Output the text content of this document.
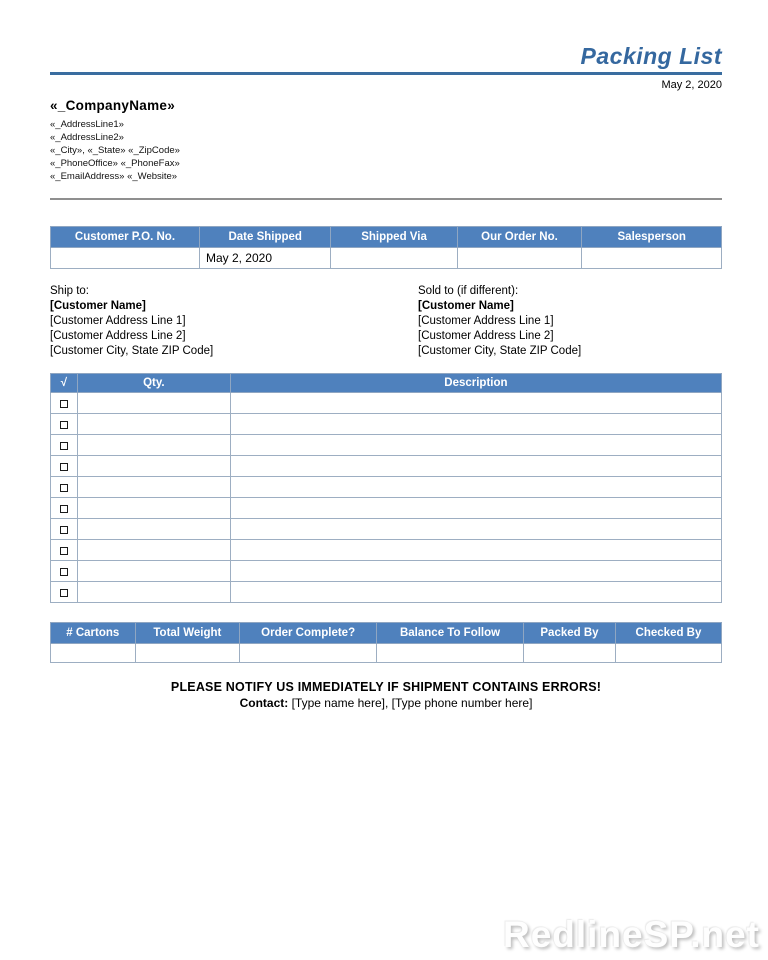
Packing List
May 2, 2020
«_CompanyName»
«_AddressLine1»
«_AddressLine2»
«_City», «_State» «_ZipCode»
«_PhoneOffice» «_PhoneFax»
«_EmailAddress» «_Website»
Customer P.O. No.	Date Shipped	Shipped Via	Our Order No.	Salesperson
	May 2, 2020			
Ship to:
[Customer Name]
[Customer Address Line 1]
[Customer Address Line 2]
[Customer City, State ZIP Code]
Sold to (if different):
[Customer Name]
[Customer Address Line 1]
[Customer Address Line 2]
[Customer City, State ZIP Code]
√	Qty.	Description

# Cartons	Total Weight	Order Complete?	Balance To Follow	Packed By	Checked By

PLEASE NOTIFY US IMMEDIATELY IF SHIPMENT CONTAINS ERRORS!
Contact: [Type name here], [Type phone number here]
RedlineSP.net
